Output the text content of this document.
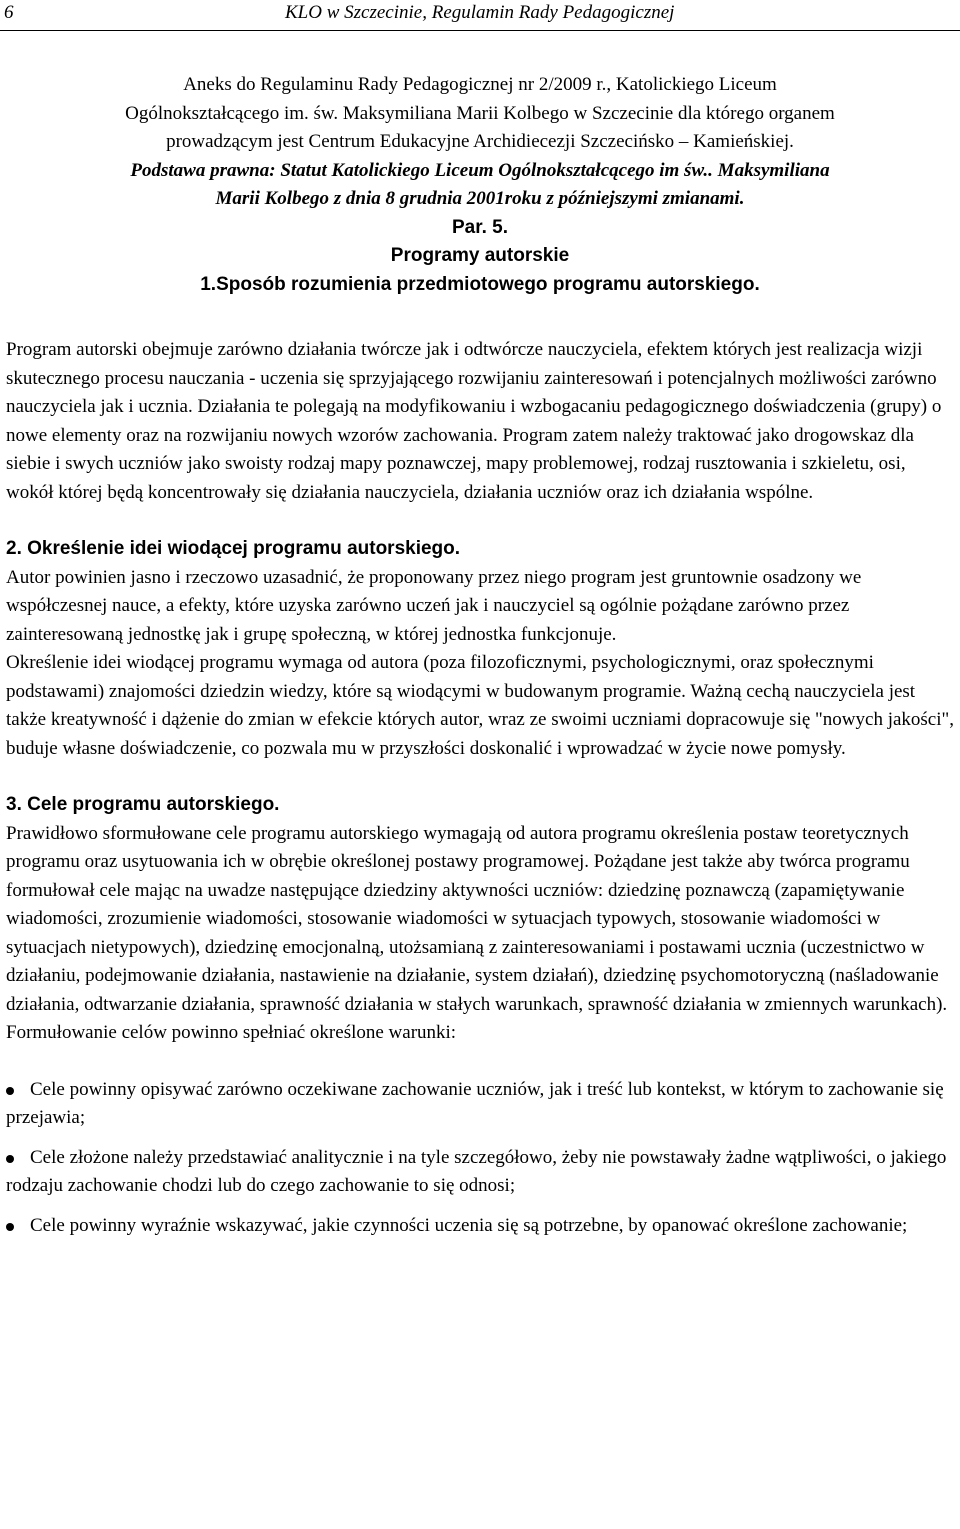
6	KLO w Szczecinie, Regulamin Rady Pedagogicznej
Aneks do Regulaminu Rady Pedagogicznej nr 2/2009 r., Katolickiego Liceum
Ogólnokształcącego im. św. Maksymiliana Marii Kolbego w Szczecinie dla którego organem
prowadzącym jest Centrum Edukacyjne Archidiecezji Szczecińsko – Kamieńskiej.
Podstawa prawna: Statut Katolickiego Liceum Ogólnokształcącego im św.. Maksymiliana
Marii Kolbego z dnia 8 grudnia 2001roku z późniejszymi zmianami.
Par. 5.
Programy autorskie
1.Sposób rozumienia przedmiotowego programu autorskiego.

Program autorski obejmuje zarówno działania twórcze jak i odtwórcze nauczyciela, efektem których jest realizacja wizji skutecznego procesu nauczania - uczenia się sprzyjającego rozwijaniu zainteresowań i potencjalnych możliwości zarówno nauczyciela jak i ucznia. Działania te polegają na modyfikowaniu i wzbogacaniu pedagogicznego doświadczenia (grupy) o nowe elementy oraz na rozwijaniu nowych wzorów zachowania. Program zatem należy traktować jako drogowskaz dla siebie i swych uczniów jako swoisty rodzaj mapy poznawczej, mapy problemowej, rodzaj rusztowania i szkieletu, osi, wokół której będą koncentrowały się działania nauczyciela, działania uczniów oraz ich działania wspólne.

2. Określenie idei wiodącej programu autorskiego.

Autor powinien jasno i rzeczowo uzasadnić, że proponowany przez niego program jest gruntownie osadzony we współczesnej nauce, a efekty, które uzyska zarówno uczeń jak i nauczyciel są ogólnie pożądane zarówno przez zainteresowaną jednostkę jak i grupę społeczną, w której jednostka funkcjonuje.

Określenie idei wiodącej programu wymaga od autora (poza filozoficznymi, psychologicznymi, oraz społecznymi podstawami) znajomości dziedzin wiedzy, które są wiodącymi w budowanym programie. Ważną cechą nauczyciela jest także kreatywność i dążenie do zmian w efekcie których autor, wraz ze swoimi uczniami dopracowuje się "nowych jakości", buduje własne doświadczenie, co pozwala mu w przyszłości doskonalić i wprowadzać w życie nowe pomysły.

3. Cele programu autorskiego.

Prawidłowo sformułowane cele programu autorskiego wymagają od autora programu określenia postaw teoretycznych programu oraz usytuowania ich w obrębie określonej postawy programowej. Pożądane jest także aby twórca programu formułował cele mając na uwadze następujące dziedziny aktywności uczniów: dziedzinę poznawczą (zapamiętywanie wiadomości, zrozumienie wiadomości, stosowanie wiadomości w sytuacjach typowych, stosowanie wiadomości w sytuacjach nietypowych), dziedzinę emocjonalną, utożsamianą z zainteresowaniami i postawami ucznia (uczestnictwo w działaniu, podejmowanie działania, nastawienie na działanie, system działań), dziedzinę psychomotoryczną (naśladowanie działania, odtwarzanie działania, sprawność działania w stałych warunkach, sprawność działania w zmiennych warunkach).

Formułowanie celów powinno spełniać określone warunki:

Cele powinny opisywać zarówno oczekiwane zachowanie uczniów, jak i treść lub kontekst, w którym to zachowanie się przejawia;
Cele złożone należy przedstawiać analitycznie i na tyle szczegółowo, żeby nie powstawały żadne wątpliwości, o jakiego rodzaju zachowanie chodzi lub do czego zachowanie to się odnosi;
Cele powinny wyraźnie wskazywać, jakie czynności uczenia się są potrzebne, by opanować określone zachowanie;
